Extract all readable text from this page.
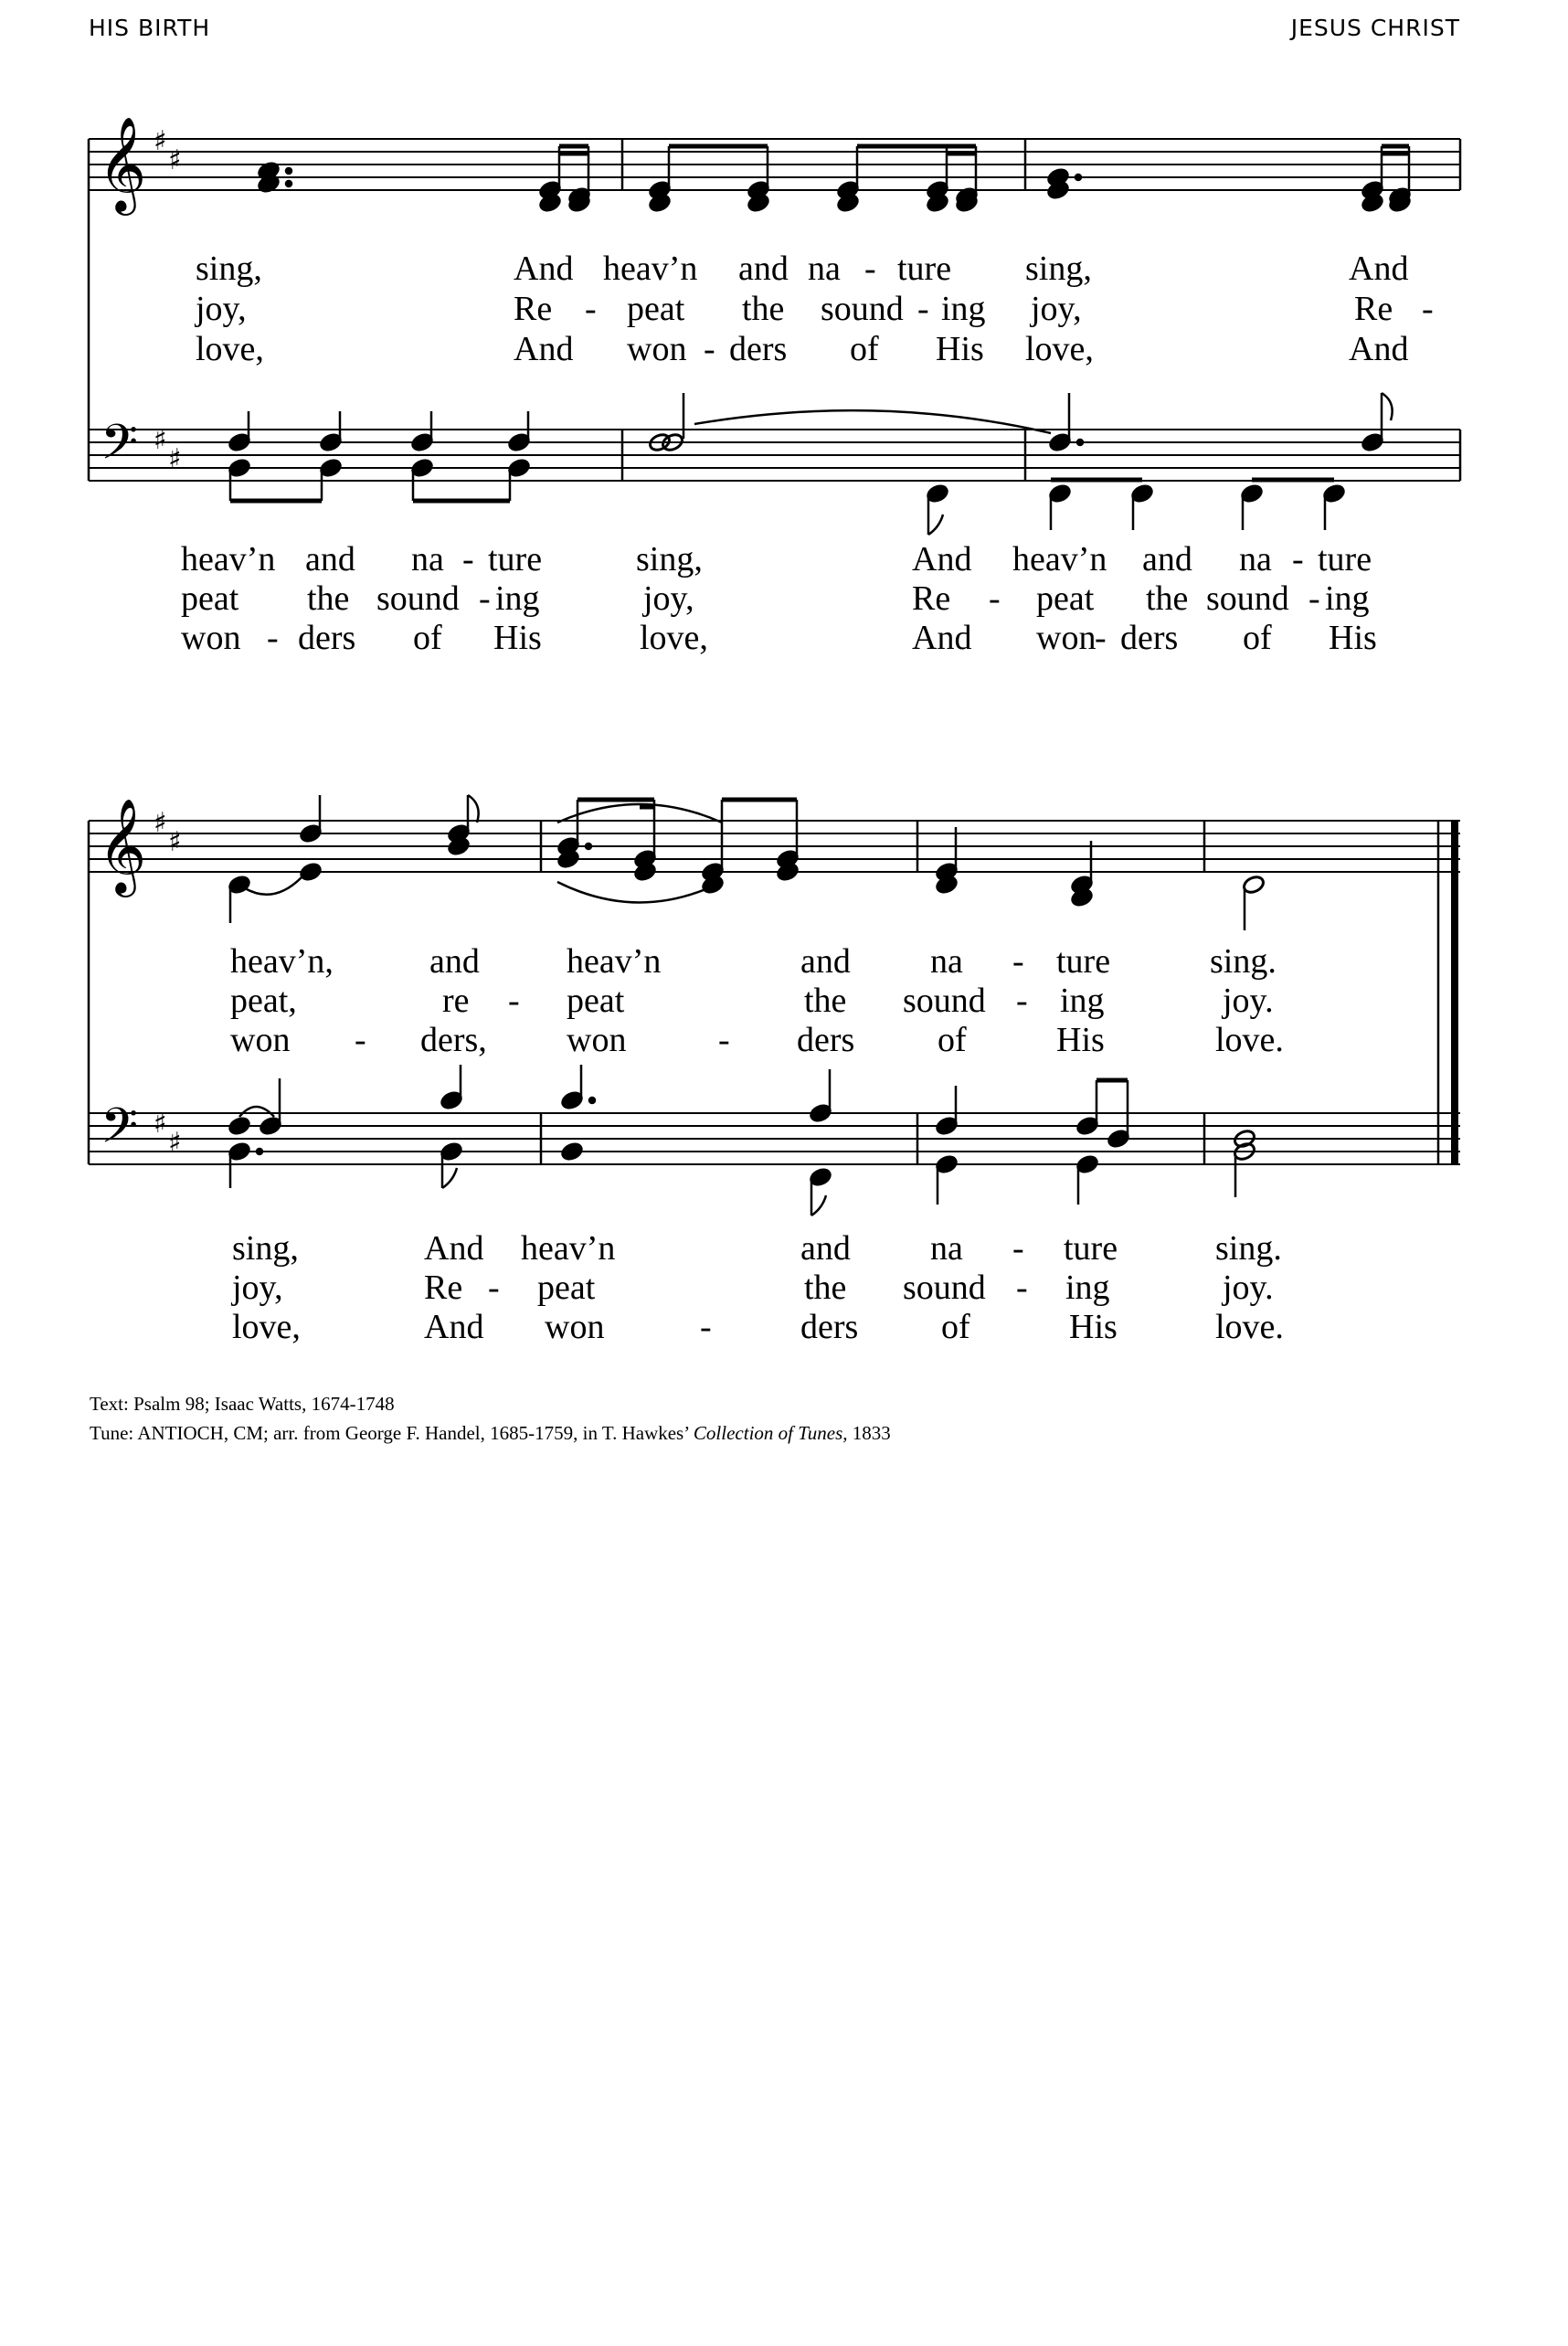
HIS BIRTH	JESUS CHRIST
𝄞
𝄢
♯
♯
♯
♯
sing,	And heav’n and na - ture sing,	And
joy,	Re - peat the sound - ing joy,	Re -
love,	And won - ders of His love,	And
heav’n and na - ture	sing,	And heav’n and na - ture
peat the sound - ing	joy,	Re - peat the sound - ing
won - ders of His	love,	And won
- ders of His
𝄞
𝄢
♯
♯
♯
♯
heav’n,	and	heav’n	and na - ture	sing.
peat,	re - peat	the sound - ing	joy.
won - ders, won	- ders of	His	love.
sing,	And heav’n	and na - ture	sing.
joy,	Re - peat	the sound - ing	joy.
love,	And won	-	ders of	His	love.
Text: Psalm 98; Isaac Watts, 1674-1748
Tune: ANTIOCH, CM; arr. from George F. Handel, 1685-1759, in T. Hawkes’ Collection of Tunes, 1833
